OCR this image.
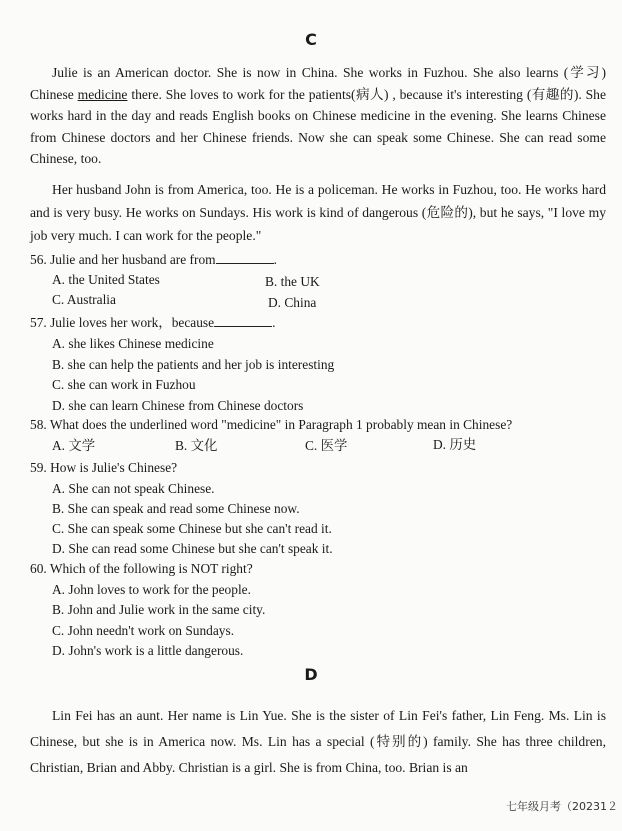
C
Julie is an American doctor. She is now in China. She works in Fuzhou. She also learns (学习) Chinese medicine there. She loves to work for the patients(病人) , because it's interesting (有趣的). She works hard in the day and reads English books on Chinese medicine in the evening. She learns Chinese from Chinese doctors and her Chinese friends. Now she can speak some Chinese. She can read some Chinese, too.
Her husband John is from America, too. He is a policeman. He works in Fuzhou, too. He works hard and is very busy. He works on Sundays. His work is kind of dangerous (危险的), but he says, "I love my job very much. I can work for the people."
56. Julie and her husband are from	.
A. the United States	B. the UK
C. Australia	D. China
57. Julie loves her work，because	.
A. she likes Chinese medicine
B. she can help the patients and her job is interesting
C. she can work in Fuzhou
D. she can learn Chinese from Chinese doctors
58. What does the underlined word "medicine" in Paragraph 1 probably mean in Chinese?
A. 文学	B. 文化	C. 医学	D. 历史
59. How is Julie's Chinese?
A. She can not speak Chinese.
B. She can speak and read some Chinese now.
C. She can speak some Chinese but she can't read it.
D. She can read some Chinese but she can't speak it.
60. Which of the following is NOT right?
A. John loves to work for the people.
B. John and Julie work in the same city.
C. John needn't work on Sundays.
D. John's work is a little dangerous.
D
Lin Fei has an aunt. Her name is Lin Yue. She is the sister of Lin Fei's father, Lin Feng. Ms. Lin is Chinese, but she is in America now. Ms. Lin has a special (特别的) family. She has three children, Christian, Brian and Abby. Christian is a girl. She is from China, too. Brian is an
七年级月考（20231２
